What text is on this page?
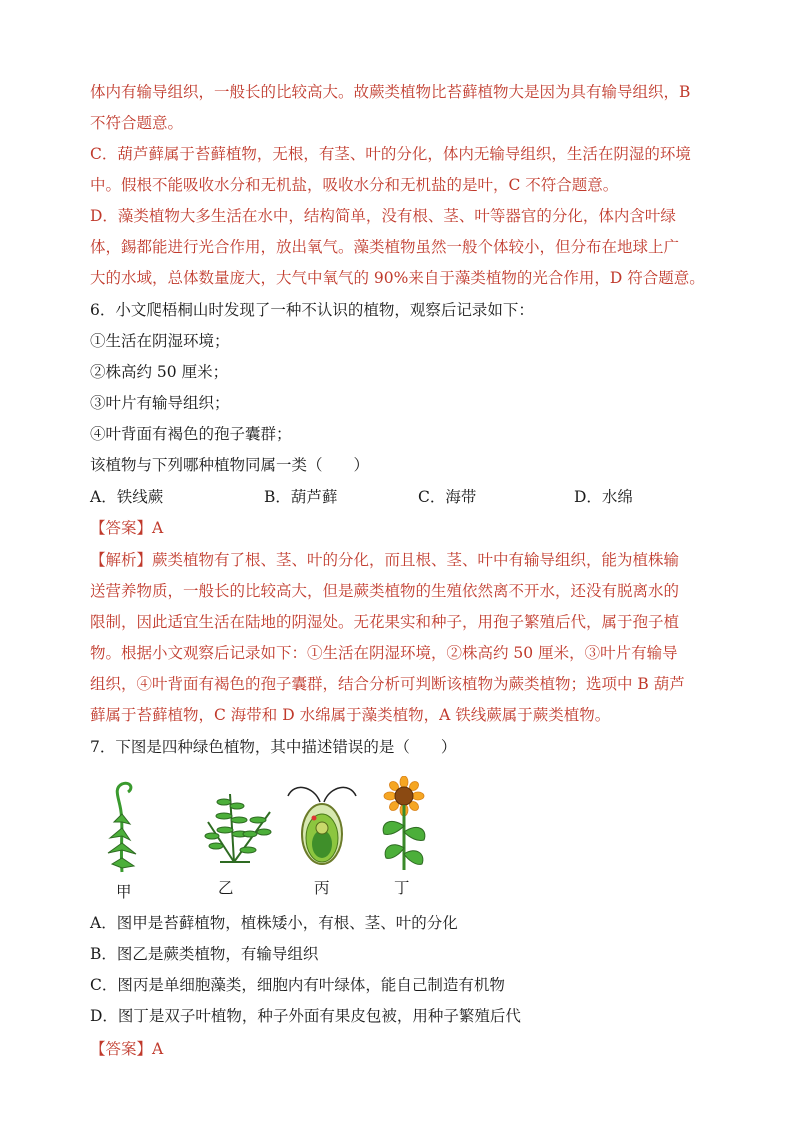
体内有输导组织，一般长的比较高大。故蕨类植物比苔藓植物大是因为具有输导组织，B
不符合题意。
C．葫芦藓属于苔藓植物，无根，有茎、叶的分化，体内无输导组织，生活在阴湿的环境
中。假根不能吸收水分和无机盐，吸收水分和无机盐的是叶，C 不符合题意。
D．藻类植物大多生活在水中，结构简单，没有根、茎、叶等器官的分化，体内含叶绿
体，錫都能进行光合作用，放出氧气。藻类植物虽然一般个体较小，但分布在地球上广
大的水域，总体数量庞大，大气中氧气的 90%来自于藻类植物的光合作用，D 符合题意。
6．小文爬梧桐山时发现了一种不认识的植物，观察后记录如下：
①生活在阴湿环境；
②株高约 50 厘米；
③叶片有输导组织；
④叶背面有褐色的孢子囊群；
该植物与下列哪种植物同属一类（　　）
A．铁线蕨	B．葫芦藓	C．海带	D．水绵
【答案】A
【解析】蕨类植物有了根、茎、叶的分化，而且根、茎、叶中有输导组织，能为植株输
送营养物质，一般长的比较高大，但是蕨类植物的生殖依然离不开水，还没有脱离水的
限制，因此适宜生活在陆地的阴湿处。无花果实和种子，用孢子繁殖后代，属于孢子植
物。根据小文观察后记录如下：①生活在阴湿环境，②株高约 50 厘米，③叶片有输导
组织，④叶背面有褐色的孢子囊群，结合分析可判断该植物为蕨类植物；选项中 B 葫芦
藓属于苔藓植物，C 海带和 D 水绵属于藻类植物，A 铁线蕨属于蕨类植物。
7．下图是四种绿色植物，其中描述错误的是（　　）
甲	乙	丙	丁
A．图甲是苔藓植物，植株矮小，有根、茎、叶的分化
B．图乙是蕨类植物，有输导组织
C．图丙是单细胞藻类，细胞内有叶绿体，能自己制造有机物
D．图丁是双子叶植物，种子外面有果皮包被，用种子繁殖后代
【答案】A
